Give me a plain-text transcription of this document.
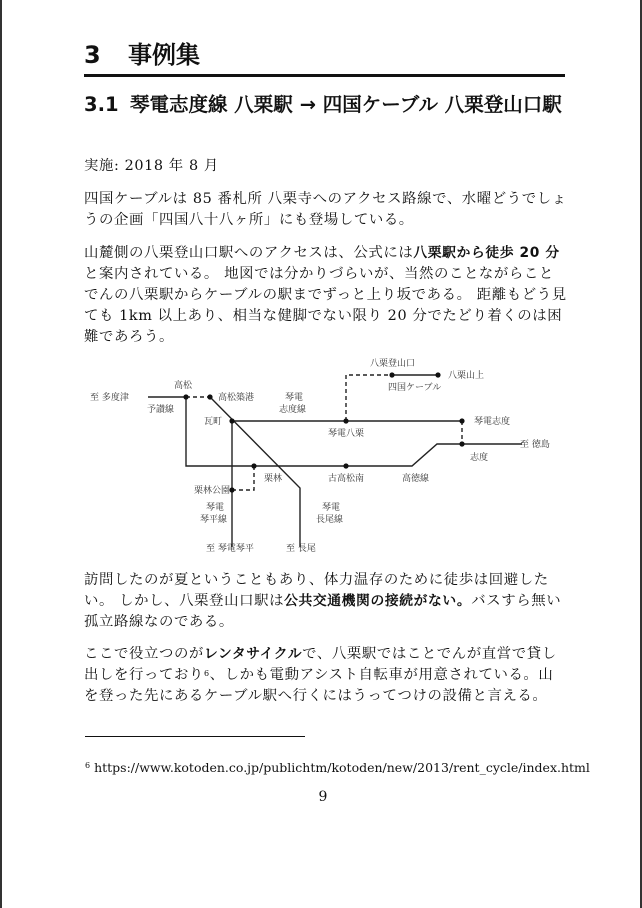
3 事例集
3.1 琴電志度線 八栗駅 → 四国ケーブル 八栗登山口駅
実施: 2018 年 8 月
四国ケーブルは 85 番札所 八栗寺へのアクセス路線で、水曜どうでしょうの企画「四国八十八ヶ所」にも登場している。
山麓側の八栗登山口駅へのアクセスは、公式には八栗駅から徒歩 20 分と案内されている。 地図では分かりづらいが、当然のことながらことでんの八栗駅からケーブルの駅までずっと上り坂である。 距離もどう見ても 1km 以上あり、相当な健脚でない限り 20 分でたどり着くのは困難であろう。
至 多度津
高松
予讃線
高松築港
瓦町
琴電
志度線
琴電八栗
八栗登山口
八栗山上
四国ケーブル
琴電志度
至 徳島
志度
栗林
栗林公園
古高松南	高徳線
琴電
琴平線
琴電
長尾線
至 琴電琴平	至 長尾
訪問したのが夏ということもあり、体力温存のために徒歩は回避したい。 しかし、八栗登山口駅は公共交通機関の接続がない。バスすら無い孤立路線なのである。
ここで役立つのがレンタサイクルで、八栗駅ではことでんが直営で貸し出しを行っており$^6$、しかも電動アシスト自転車が用意されている。山を登った先にあるケーブル駅へ行くにはうってつけの設備と言える。
$^6$ https://www.kotoden.co.jp/publichtm/kotoden/new/2013/rent_cycle/index.html
9
